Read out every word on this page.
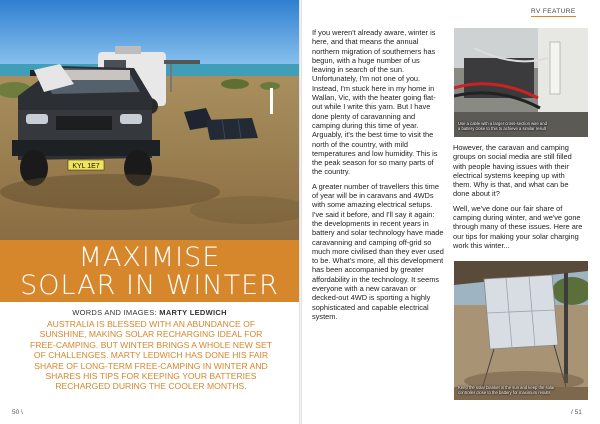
KYL 1E7
MAXIMISE
SOLAR IN WINTER
WORDS AND IMAGES: MARTY LEDWICH
AUSTRALIA IS BLESSED WITH AN ABUNDANCE OF SUNSHINE, MAKING SOLAR RECHARGING IDEAL FOR FREE-CAMPING. BUT WINTER BRINGS A WHOLE NEW SET OF CHALLENGES. MARTY LEDWICH HAS DONE HIS FAIR SHARE OF LONG-TERM FREE-CAMPING IN WINTER AND SHARES HIS TIPS FOR KEEPING YOUR BATTERIES RECHARGED DURING THE COOLER MONTHS.
50 \
RV FEATURE

If you weren't already aware, winter is here, and that means the annual northern migration of southerners has begun, with a huge number of us leaving in search of the sun. Unfortunately, I'm not one of you. Instead, I'm stuck here in my home in Wallan, Vic, with the heater going flat-out while I write this yarn. But I have done plenty of caravanning and camping during this time of year. Arguably, it's the best time to visit the north of the country, with mild temperatures and low humidity. This is the peak season for so many parts of the country.

A greater number of travellers this time of year will be in caravans and 4WDs with some amazing electrical setups. I've said it before, and I'll say it again: the developments in recent years in battery and solar technology have made caravanning and camping off-grid so much more civilised than they ever used to be. What's more, all this development has been accompanied by greater affordability in the technology. It seems everyone with a new caravan or decked-out 4WD is sporting a highly sophisticated and capable electrical system.

Use a cable with a larger cross-section wire and a battery close to this to achieve a similar result

However, the caravan and camping groups on social media are still filled with people having issues with their electrical systems keeping up with them. Why is that, and what can be done about it?

Well, we've done our fair share of camping during winter, and we've gone through many of these issues. Here are our tips for making your solar charging work this winter...

Keep the solar blanket in the sun and keep the solar controller close to the battery for maximum results
/ 51
